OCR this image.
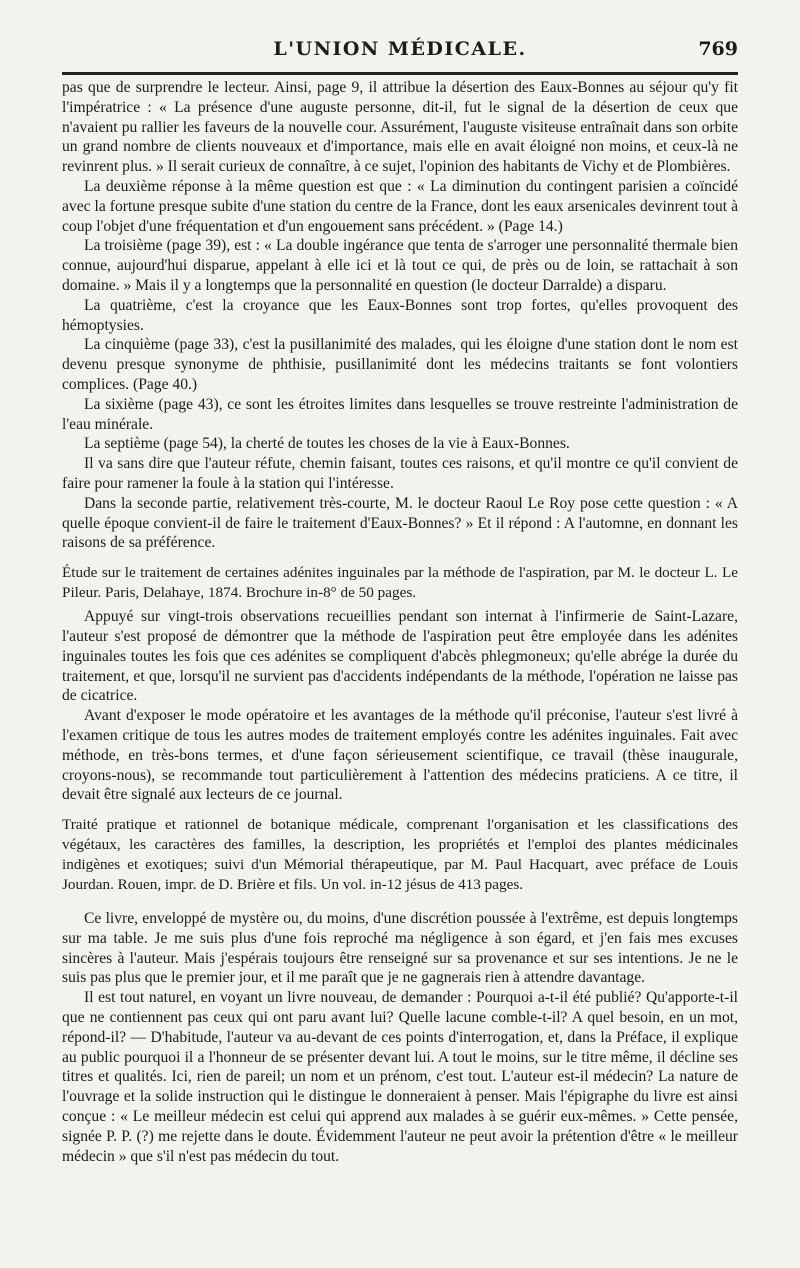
L'UNION MÉDICALE.	769

pas que de surprendre le lecteur. Ainsi, page 9, il attribue la désertion des Eaux-Bonnes au séjour qu'y fit l'impératrice : « La présence d'une auguste personne, dit-il, fut le signal de la désertion de ceux que n'avaient pu rallier les faveurs de la nouvelle cour. Assurément, l'auguste visiteuse entraînait dans son orbite un grand nombre de clients nouveaux et d'importance, mais elle en avait éloigné non moins, et ceux-là ne revinrent plus. » Il serait curieux de connaître, à ce sujet, l'opinion des habitants de Vichy et de Plombières.

La deuxième réponse à la même question est que : « La diminution du contingent parisien a coïncidé avec la fortune presque subite d'une station du centre de la France, dont les eaux arsenicales devinrent tout à coup l'objet d'une fréquentation et d'un engouement sans précédent. » (Page 14.)

La troisième (page 39), est : « La double ingérance que tenta de s'arroger une personnalité thermale bien connue, aujourd'hui disparue, appelant à elle ici et là tout ce qui, de près ou de loin, se rattachait à son domaine. » Mais il y a longtemps que la personnalité en question (le docteur Darralde) a disparu.

La quatrième, c'est la croyance que les Eaux-Bonnes sont trop fortes, qu'elles provoquent des hémoptysies.

La cinquième (page 33), c'est la pusillanimité des malades, qui les éloigne d'une station dont le nom est devenu presque synonyme de phthisie, pusillanimité dont les médecins traitants se font volontiers complices. (Page 40.)

La sixième (page 43), ce sont les étroites limites dans lesquelles se trouve restreinte l'administration de l'eau minérale.

La septième (page 54), la cherté de toutes les choses de la vie à Eaux-Bonnes.

Il va sans dire que l'auteur réfute, chemin faisant, toutes ces raisons, et qu'il montre ce qu'il convient de faire pour ramener la foule à la station qui l'intéresse.

Dans la seconde partie, relativement très-courte, M. le docteur Raoul Le Roy pose cette question : « A quelle époque convient-il de faire le traitement d'Eaux-Bonnes? » Et il répond : A l'automne, en donnant les raisons de sa préférence.

Étude sur le traitement de certaines adénites inguinales par la méthode de l'aspiration, par M. le docteur L. Le Pileur. Paris, Delahaye, 1874. Brochure in-8° de 50 pages.

Appuyé sur vingt-trois observations recueillies pendant son internat à l'infirmerie de Saint-Lazare, l'auteur s'est proposé de démontrer que la méthode de l'aspiration peut être employée dans les adénites inguinales toutes les fois que ces adénites se compliquent d'abcès phlegmoneux; qu'elle abrége la durée du traitement, et que, lorsqu'il ne survient pas d'accidents indépendants de la méthode, l'opération ne laisse pas de cicatrice.

Avant d'exposer le mode opératoire et les avantages de la méthode qu'il préconise, l'auteur s'est livré à l'examen critique de tous les autres modes de traitement employés contre les adénites inguinales. Fait avec méthode, en très-bons termes, et d'une façon sérieusement scientifique, ce travail (thèse inaugurale, croyons-nous), se recommande tout particulièrement à l'attention des médecins praticiens. A ce titre, il devait être signalé aux lecteurs de ce journal.

Traité pratique et rationnel de botanique médicale, comprenant l'organisation et les classifications des végétaux, les caractères des familles, la description, les propriétés et l'emploi des plantes médicinales indigènes et exotiques; suivi d'un Mémorial thérapeutique, par M. Paul Hacquart, avec préface de Louis Jourdan. Rouen, impr. de D. Brière et fils. Un vol. in-12 jésus de 413 pages.

Ce livre, enveloppé de mystère ou, du moins, d'une discrétion poussée à l'extrême, est depuis longtemps sur ma table. Je me suis plus d'une fois reproché ma négligence à son égard, et j'en fais mes excuses sincères à l'auteur. Mais j'espérais toujours être renseigné sur sa provenance et sur ses intentions. Je ne le suis pas plus que le premier jour, et il me paraît que je ne gagnerais rien à attendre davantage.

Il est tout naturel, en voyant un livre nouveau, de demander : Pourquoi a-t-il été publié? Qu'apporte-t-il que ne contiennent pas ceux qui ont paru avant lui? Quelle lacune comble-t-il? A quel besoin, en un mot, répond-il? — D'habitude, l'auteur va au-devant de ces points d'interrogation, et, dans la Préface, il explique au public pourquoi il a l'honneur de se présenter devant lui. A tout le moins, sur le titre même, il décline ses titres et qualités. Ici, rien de pareil; un nom et un prénom, c'est tout. L'auteur est-il médecin? La nature de l'ouvrage et la solide instruction qui le distingue le donneraient à penser. Mais l'épigraphe du livre est ainsi conçue : « Le meilleur médecin est celui qui apprend aux malades à se guérir eux-mêmes. » Cette pensée, signée P. P. (?) me rejette dans le doute. Évidemment l'auteur ne peut avoir la prétention d'être « le meilleur médecin » que s'il n'est pas médecin du tout.
